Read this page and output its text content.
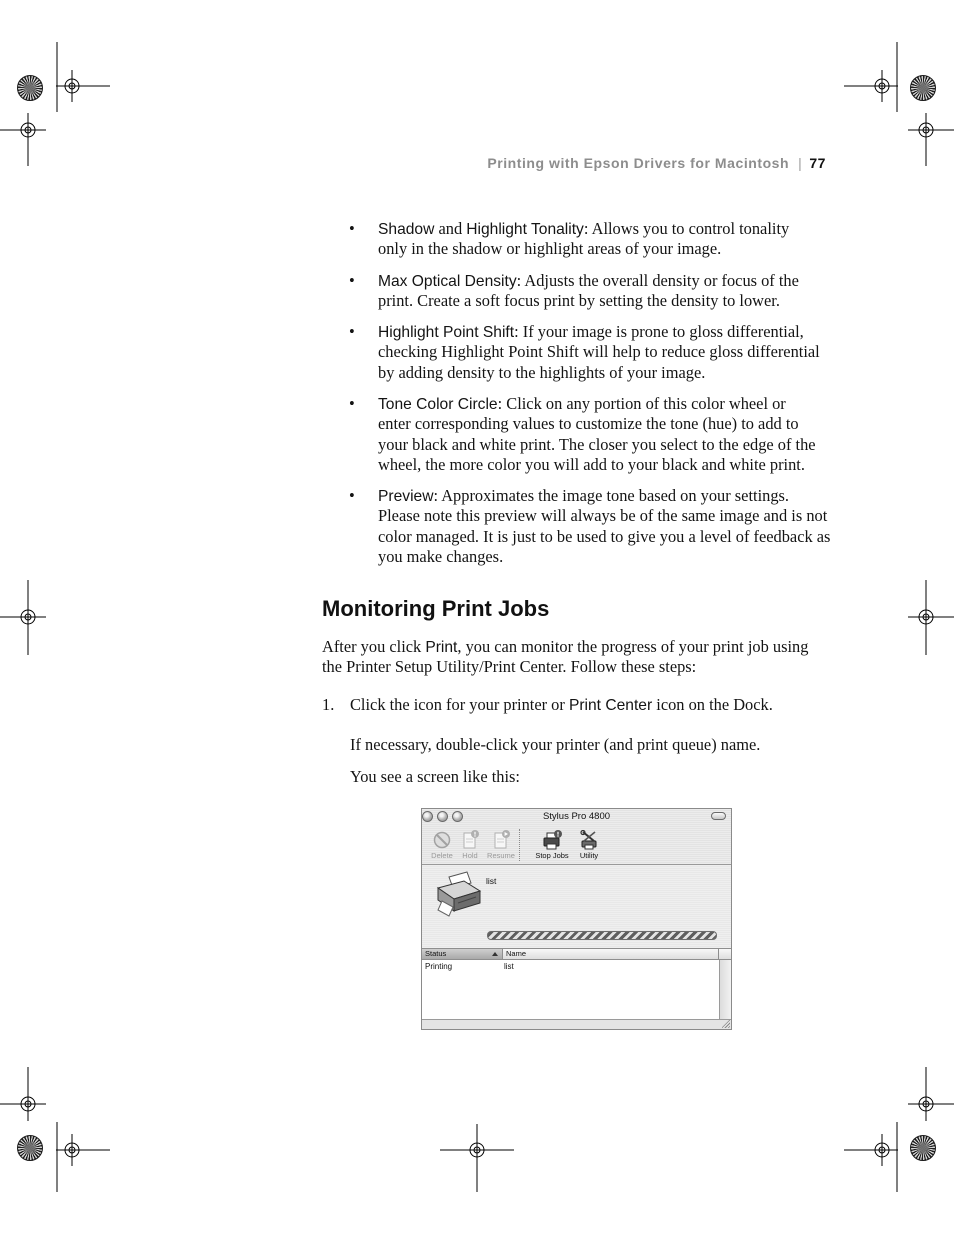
Printing with Epson Drivers for Macintosh | 77
• Shadow and Highlight Tonality: Allows you to control tonality
only in the shadow or highlight areas of your image.
• Max Optical Density: Adjusts the overall density or focus of the
print. Create a soft focus print by setting the density to lower.
• Highlight Point Shift: If your image is prone to gloss differential,
checking Highlight Point Shift will help to reduce gloss differential
by adding density to the highlights of your image.
• Tone Color Circle: Click on any portion of this color wheel or
enter corresponding values to customize the tone (hue) to add to
your black and white print. The closer you select to the edge of the
wheel, the more color you will add to your black and white print.
• Preview: Approximates the image tone based on your settings.
Please note this preview will always be of the same image and is not
color managed. It is just to be used to give you a level of feedback as
you make changes.
Monitoring Print Jobs
After you click Print, you can monitor the progress of your print job using
the Printer Setup Utility/Print Center. Follow these steps:
1. Click the icon for your printer or Print Center icon on the Dock.
If necessary, double-click your printer (and print queue) name.
You see a screen like this:
Stylus Pro 4800
Delete	Hold	Resume	Stop Jobs	Utility
list
Status	Name
Printing	list
